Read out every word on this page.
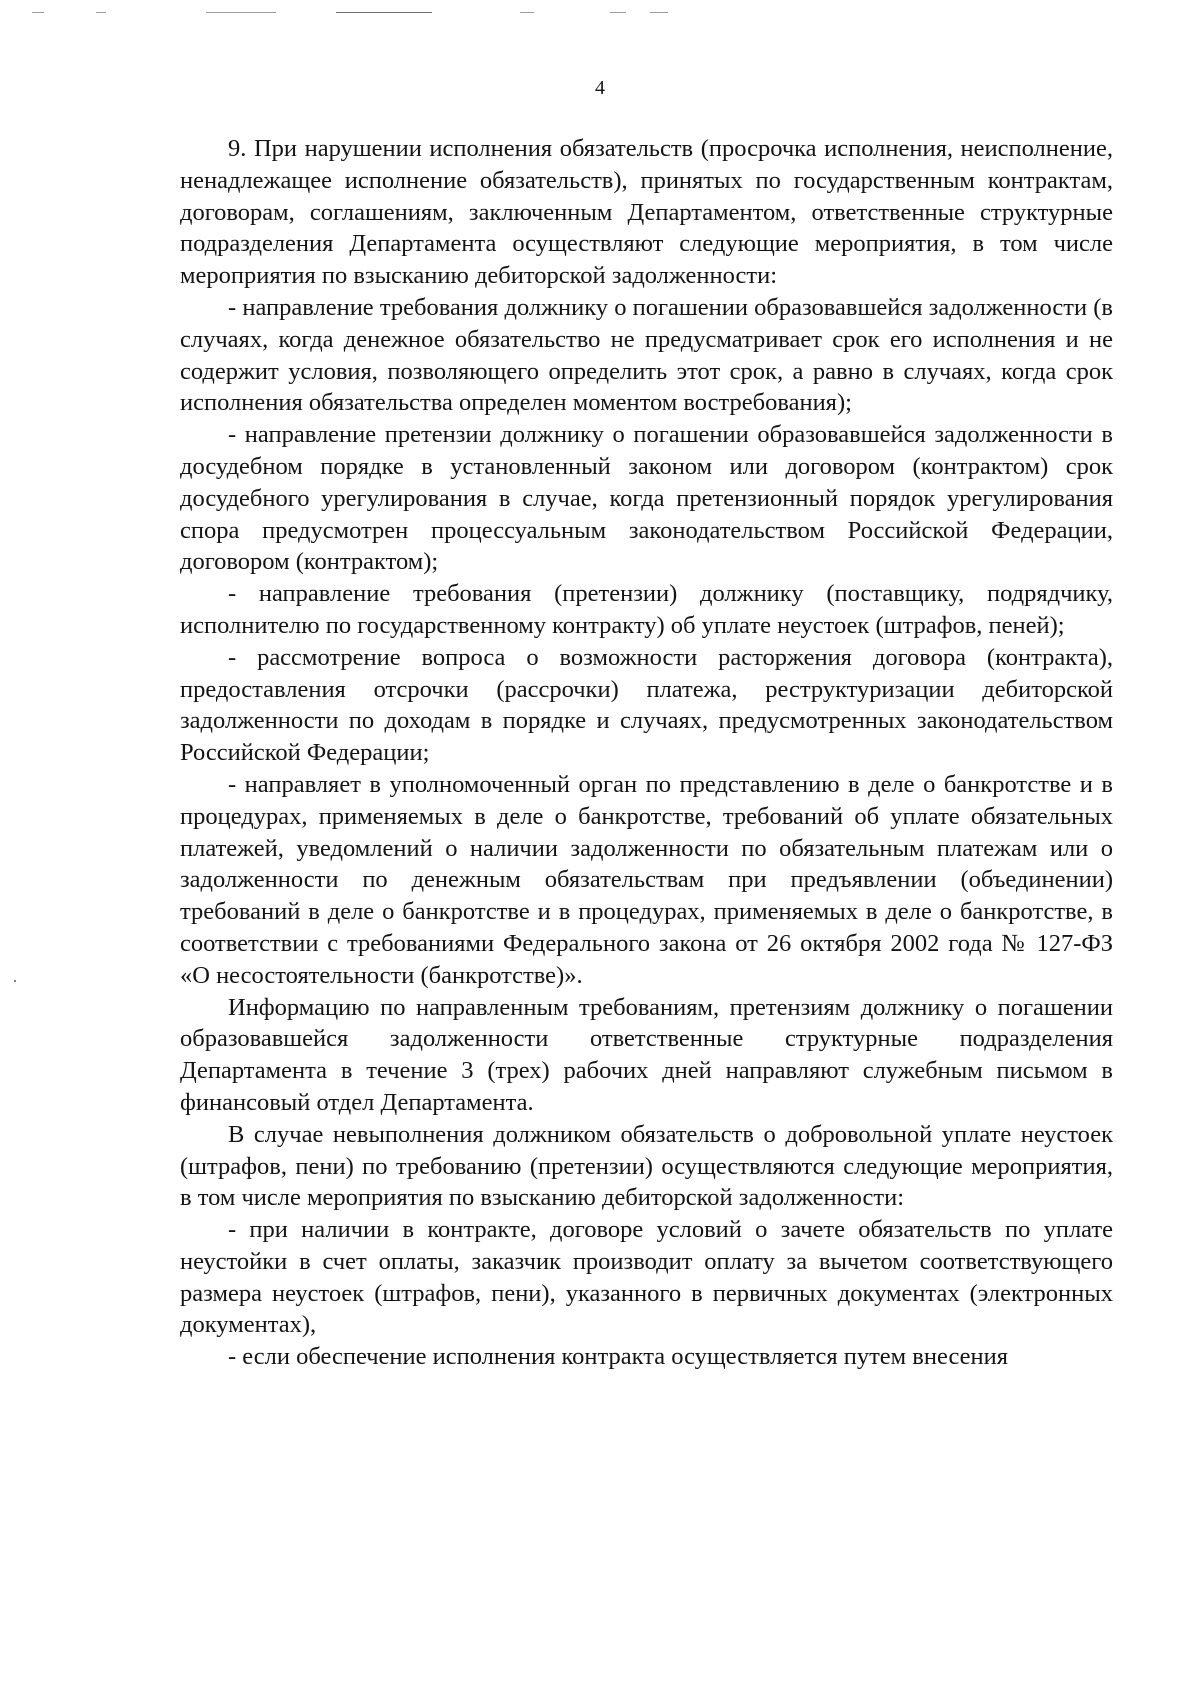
4

9. При нарушении исполнения обязательств (просрочка исполнения, неисполнение, ненадлежащее исполнение обязательств), принятых по государственным контрактам, договорам, соглашениям, заключенным Департаментом, ответственные структурные подразделения Департамента осуществляют следующие мероприятия, в том числе мероприятия по взысканию дебиторской задолженности:

- направление требования должнику о погашении образовавшейся задолженности (в случаях, когда денежное обязательство не предусматривает срок его исполнения и не содержит условия, позволяющего определить этот срок, а равно в случаях, когда срок исполнения обязательства определен моментом востребования);

- направление претензии должнику о погашении образовавшейся задолженности в досудебном порядке в установленный законом или договором (контрактом) срок досудебного урегулирования в случае, когда претензионный порядок урегулирования спора предусмотрен процессуальным законодательством Российской Федерации, договором (контрактом);

- направление требования (претензии) должнику (поставщику, подрядчику, исполнителю по государственному контракту) об уплате неустоек (штрафов, пеней);

- рассмотрение вопроса о возможности расторжения договора (контракта), предоставления отсрочки (рассрочки) платежа, реструктуризации дебиторской задолженности по доходам в порядке и случаях, предусмотренных законодательством Российской Федерации;

- направляет в уполномоченный орган по представлению в деле о банкротстве и в процедурах, применяемых в деле о банкротстве, требований об уплате обязательных платежей, уведомлений о наличии задолженности по обязательным платежам или о задолженности по денежным обязательствам при предъявлении (объединении) требований в деле о банкротстве и в процедурах, применяемых в деле о банкротстве, в соответствии с требованиями Федерального закона от 26 октября 2002 года № 127-ФЗ «О несостоятельности (банкротстве)».

Информацию по направленным требованиям, претензиям должнику о погашении образовавшейся задолженности ответственные структурные подразделения Департамента в течение 3 (трех) рабочих дней направляют служебным письмом в финансовый отдел Департамента.

В случае невыполнения должником обязательств о добровольной уплате неустоек (штрафов, пени) по требованию (претензии) осуществляются следующие мероприятия, в том числе мероприятия по взысканию дебиторской задолженности:

- при наличии в контракте, договоре условий о зачете обязательств по уплате неустойки в счет оплаты, заказчик производит оплату за вычетом соответствующего размера неустоек (штрафов, пени), указанного в первичных документах (электронных документах),

- если обеспечение исполнения контракта осуществляется путем внесения
